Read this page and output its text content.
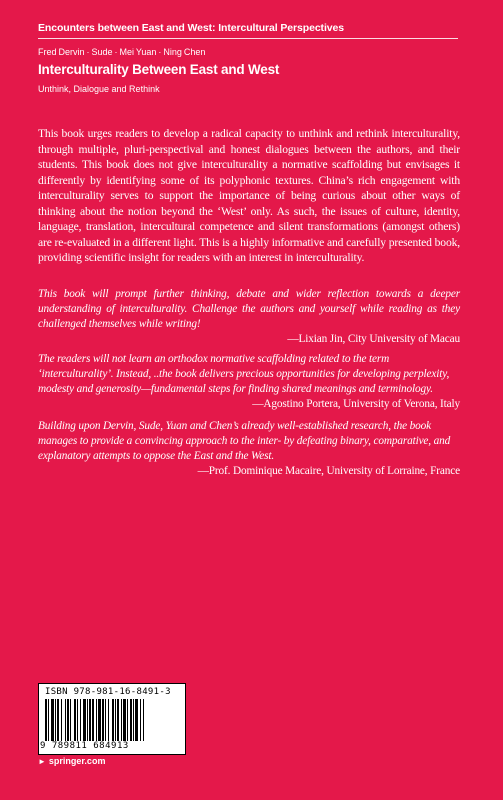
Encounters between East and West: Intercultural Perspectives
Fred Dervin · Sude · Mei Yuan · Ning Chen
Interculturality Between East and West
Unthink, Dialogue and Rethink

This book urges readers to develop a radical capacity to unthink and rethink interculturality, through multiple, pluri-perspectival and honest dialogues between the authors, and their students. This book does not give interculturality a normative scaffolding but envisages it differently by identifying some of its polyphonic textures. China’s rich engagement with interculturality serves to support the importance of being curious about other ways of thinking about the notion beyond the ‘West’ only. As such, the issues of culture, identity, language, translation, intercultural competence and silent transformations (amongst others) are re-evaluated in a different light. This is a highly informative and carefully presented book, providing scientific insight for readers with an interest in interculturality.

This book will prompt further thinking, debate and wider reflection towards a deeper understanding of interculturality. Challenge the authors and yourself while reading as they challenged themselves while writing!

—Lixian Jin, City University of Macau

The readers will not learn an orthodox normative scaffolding related to the term ‘interculturality’. Instead, ..the book delivers precious opportunities for developing perplexity, modesty and generosity—fundamental steps for finding shared meanings and terminology.

—Agostino Portera, University of Verona, Italy

Building upon Dervin, Sude, Yuan and Chen’s already well-established research, the book manages to provide a convincing approach to the inter- by defeating binary, comparative, and explanatory attempts to oppose the East and the West.

—Prof. Dominique Macaire, University of Lorraine, France

ISBN 978-981-16-8491-3
9 789811 684913
► springer.com
